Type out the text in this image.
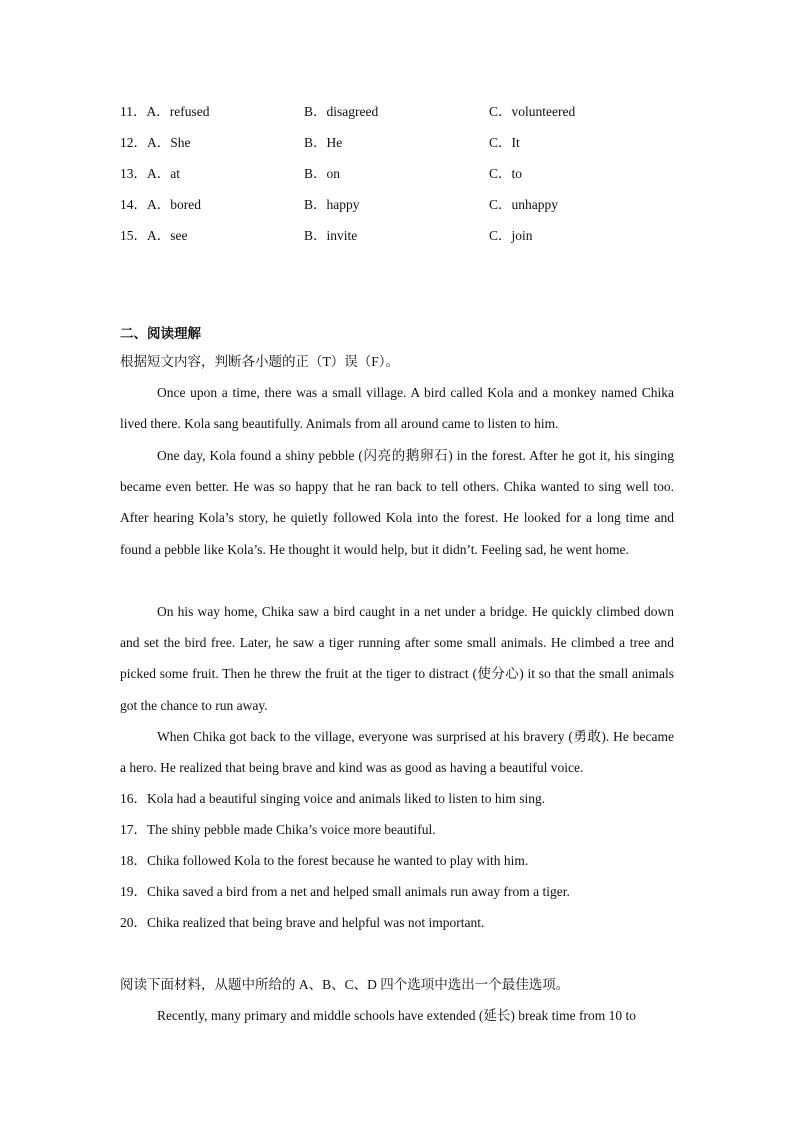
11．A．refused	B．disagreed	C．volunteered
12．A．She	B．He	C．It
13．A．at	B．on	C．to
14．A．bored	B．happy	C．unhappy
15．A．see	B．invite	C．join
二、阅读理解
根据短文内容，判断各小题的正（T）误（F）。

Once upon a time, there was a small village. A bird called Kola and a monkey named Chika lived there. Kola sang beautifully. Animals from all around came to listen to him.

One day, Kola found a shiny pebble (闪亮的鹅卵石) in the forest. After he got it, his singing became even better. He was so happy that he ran back to tell others. Chika wanted to sing well too. After hearing Kola’s story, he quietly followed Kola into the forest. He looked for a long time and found a pebble like Kola’s. He thought it would help, but it didn’t. Feeling sad, he went home.

On his way home, Chika saw a bird caught in a net under a bridge. He quickly climbed down and set the bird free. Later, he saw a tiger running after some small animals. He climbed a tree and picked some fruit. Then he threw the fruit at the tiger to distract (使分心) it so that the small animals got the chance to run away.

When Chika got back to the village, everyone was surprised at his bravery (勇敢). He became a hero. He realized that being brave and kind was as good as having a beautiful voice.

16．Kola had a beautiful singing voice and animals liked to listen to him sing.
17．The shiny pebble made Chika’s voice more beautiful.
18．Chika followed Kola to the forest because he wanted to play with him.
19．Chika saved a bird from a net and helped small animals run away from a tiger.
20．Chika realized that being brave and helpful was not important.
阅读下面材料，从题中所给的 A、B、C、D 四个选项中选出一个最佳选项。
Recently, many primary and middle schools have extended (延长) break time from 10 to
